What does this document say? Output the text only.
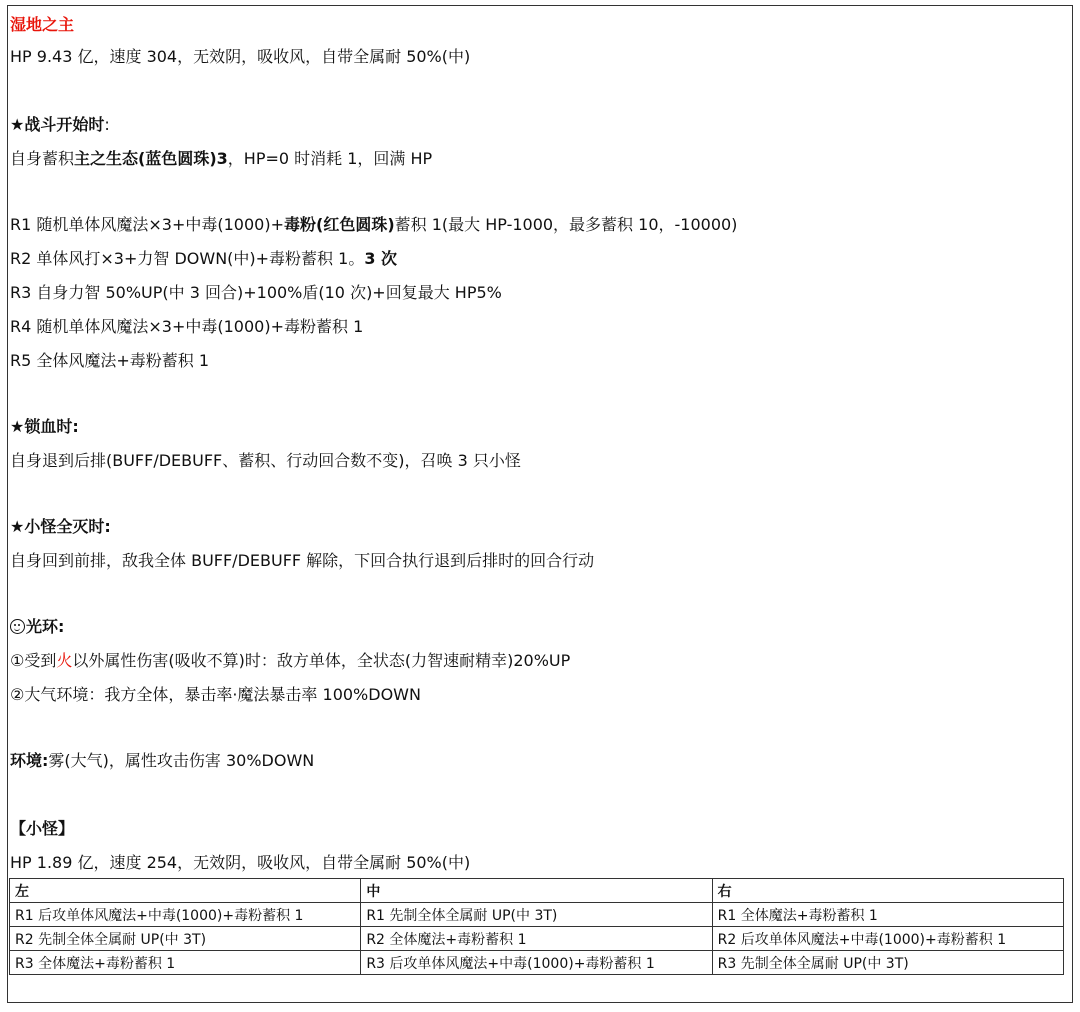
湿地之主
HP 9.43 亿，速度 304，无效阴，吸收风，自带全属耐 50%(中)
★战斗开始时:
自身蓄积主之生态(蓝色圆珠)3，HP=0 时消耗 1，回满 HP
R1 随机单体风魔法×3+中毒(1000)+毒粉(红色圆珠)蓄积 1(最大 HP-1000，最多蓄积 10，-10000)
R2 单体风打×3+力智 DOWN(中)+毒粉蓄积 1。3 次
R3 自身力智 50%UP(中 3 回合)+100%盾(10 次)+回复最大 HP5%
R4 随机单体风魔法×3+中毒(1000)+毒粉蓄积 1
R5 全体风魔法+毒粉蓄积 1
★锁血时:
自身退到后排(BUFF/DEBUFF、蓄积、行动回合数不变)，召唤 3 只小怪
★小怪全灭时:
自身回到前排，敌我全体 BUFF/DEBUFF 解除，下回合执行退到后排时的回合行动
光环:
①受到火以外属性伤害(吸收不算)时：敌方单体，全状态(力智速耐精幸)20%UP
②大气环境：我方全体，暴击率·魔法暴击率 100%DOWN
环境:雾(大气)，属性攻击伤害 30%DOWN
【小怪】
HP 1.89 亿，速度 254，无效阴，吸收风，自带全属耐 50%(中)
左	中	右
R1 后攻单体风魔法+中毒(1000)+毒粉蓄积 1	R1 先制全体全属耐 UP(中 3T)	R1 全体魔法+毒粉蓄积 1
R2 先制全体全属耐 UP(中 3T)	R2 全体魔法+毒粉蓄积 1	R2 后攻单体风魔法+中毒(1000)+毒粉蓄积 1
R3 全体魔法+毒粉蓄积 1	R3 后攻单体风魔法+中毒(1000)+毒粉蓄积 1	R3 先制全体全属耐 UP(中 3T)
